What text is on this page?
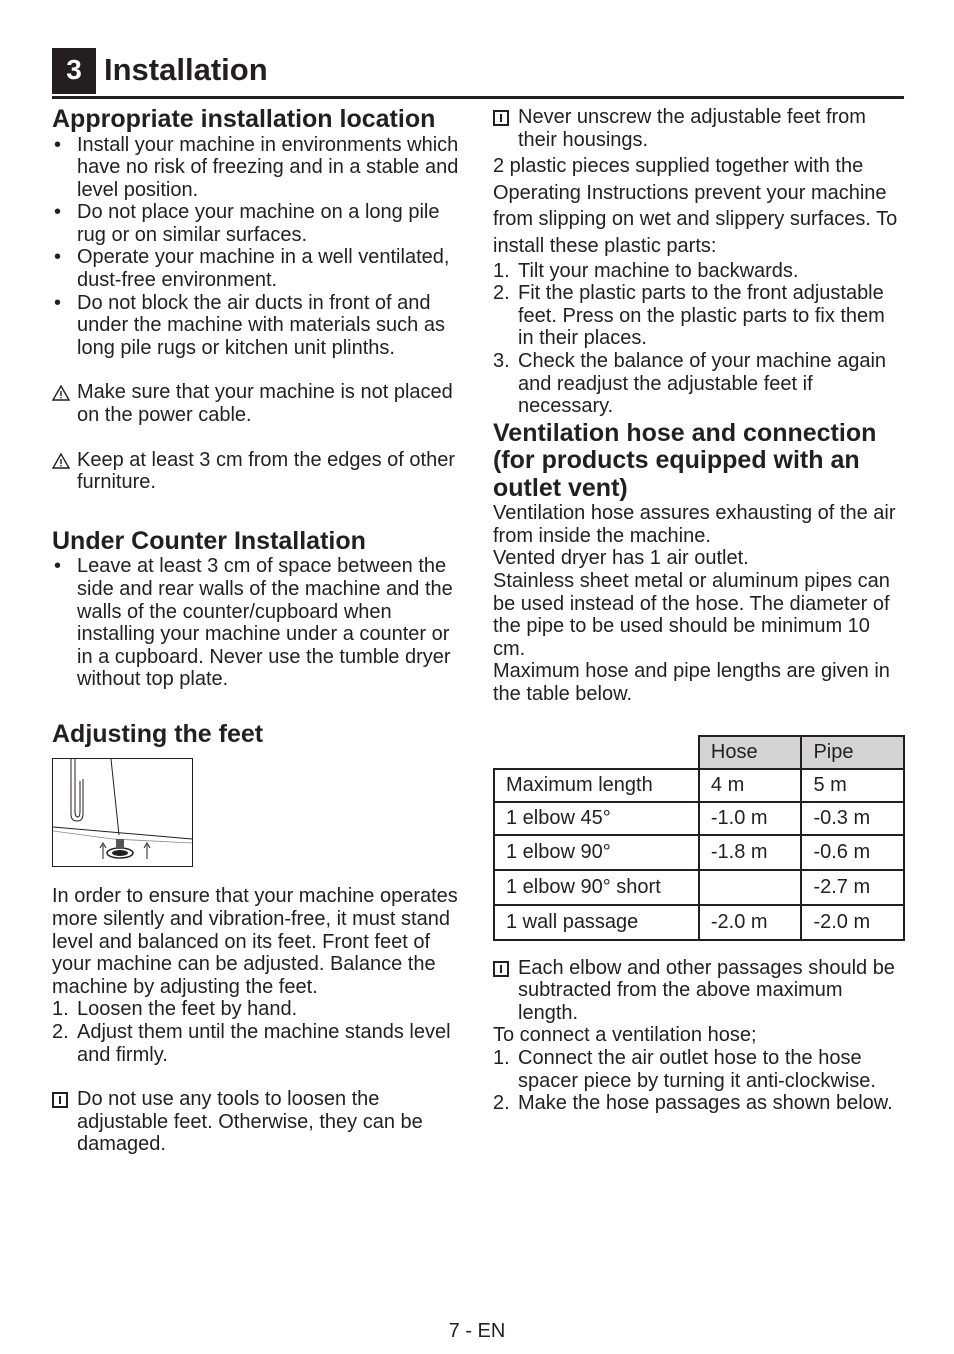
3 Installation
Appropriate installation location
• Install your machine in environments which have no risk of freezing and in a stable and level position.
• Do not place your machine on a long pile rug or on similar surfaces.
• Operate your machine in a well ventilated, dust-free environment.
• Do not block the air ducts in front of and under the machine with materials such as long pile rugs or kitchen unit plinths.
Make sure that your machine is not placed on the power cable.
Keep at least 3 cm from the edges of other furniture.
Under Counter Installation
• Leave at least 3 cm of space between the side and rear walls of the machine and the walls of the counter/cupboard when installing your machine under a counter or in a cupboard. Never use the tumble dryer without top plate.
Adjusting the feet

In order to ensure that your machine operates more silently and vibration-free, it must stand level and balanced on its feet. Front feet of your machine can be adjusted. Balance the machine by adjusting the feet.

1. Loosen the feet by hand.
2. Adjust them until the machine stands level and firmly.
Do not use any tools to loosen the adjustable feet. Otherwise, they can be damaged.
Never unscrew the adjustable feet from their housings.

2 plastic pieces supplied together with the Operating Instructions prevent your machine from slipping on wet and slippery surfaces. To install these plastic parts:

1. Tilt your machine to backwards.
2. Fit the plastic parts to the front adjustable feet. Press on the plastic parts to fix them in their places.
3. Check the balance of your machine again and readjust the adjustable feet if necessary.
Ventilation hose and connection (for products equipped with an outlet vent)

Ventilation hose assures exhausting of the air from inside the machine.

Vented dryer has 1 air outlet.

Stainless sheet metal or aluminum pipes can be used instead of the hose. The diameter of the pipe to be used should be minimum 10 cm.

Maximum hose and pipe lengths are given in the table below.

	Hose	Pipe
Maximum length	4 m	5 m
1 elbow 45°	-1.0 m	-0.3 m
1 elbow 90°	-1.8 m	-0.6 m
1 elbow 90° short		-2.7 m
1 wall passage	-2.0 m	-2.0 m
Each elbow and other passages should be subtracted from the above maximum length.

To connect a ventilation hose;

1. Connect the air outlet hose to the hose spacer piece by turning it anti-clockwise.
2. Make the hose passages as shown below.
7 - EN
